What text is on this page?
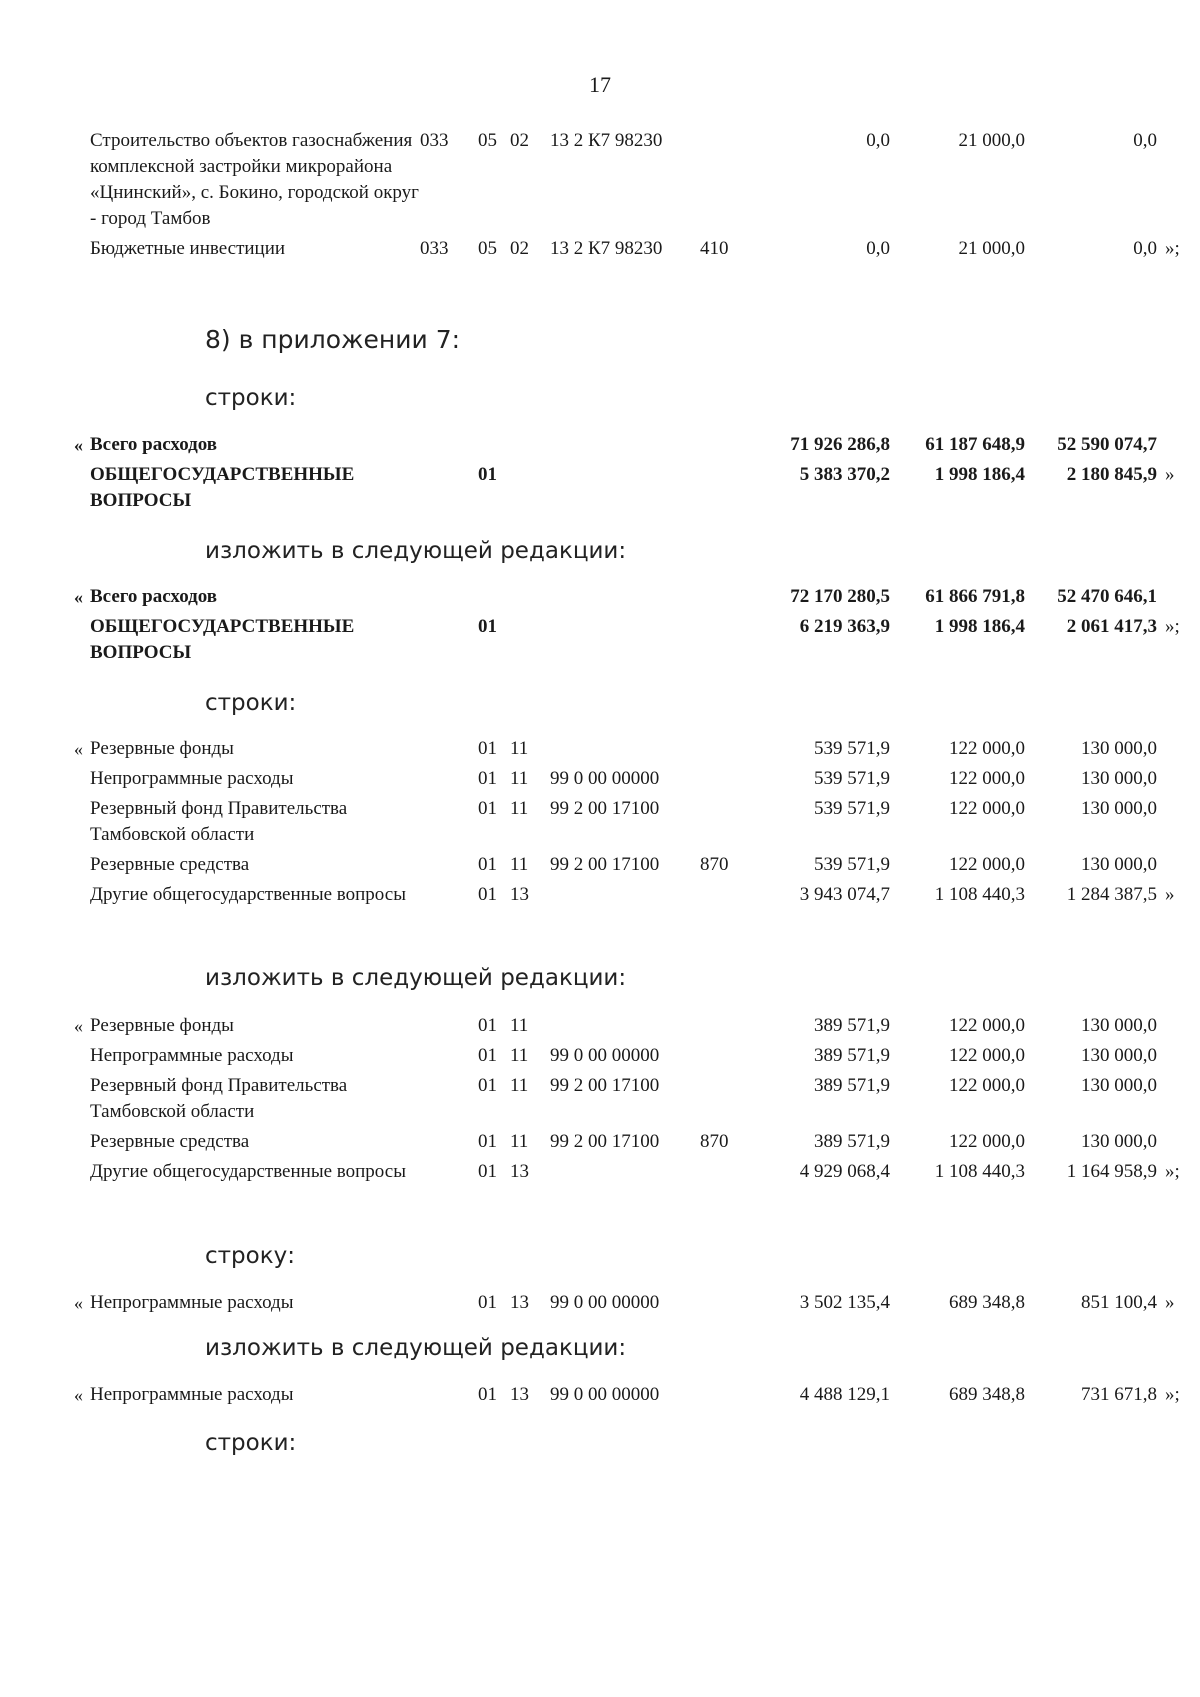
17
	Строительство объектов газоснабжения комплексной застройки микрорайона «Цнинский», с. Бокино, городской округ - город Тамбов	033	05	02	13 2 К7 98230		0,0	21 000,0	0,0	
	Бюджетные инвестиции	033	05	02	13 2 К7 98230	410	0,0	21 000,0	0,0	»;
8) в приложении 7:
строки:
«	Всего расходов						71 926 286,8	61 187 648,9	52 590 074,7	
	ОБЩЕГОСУДАРСТВЕННЫЕ ВОПРОСЫ		01				5 383 370,2	1 998 186,4	2 180 845,9	»
изложить в следующей редакции:
«	Всего расходов						72 170 280,5	61 866 791,8	52 470 646,1	
	ОБЩЕГОСУДАРСТВЕННЫЕ ВОПРОСЫ		01				6 219 363,9	1 998 186,4	2 061 417,3	»;
строки:
«	Резервные фонды		01	11			539 571,9	122 000,0	130 000,0	
	Непрограммные расходы		01	11	99 0 00 00000		539 571,9	122 000,0	130 000,0	
	Резервный фонд Правительства Тамбовской области		01	11	99 2 00 17100		539 571,9	122 000,0	130 000,0	
	Резервные средства		01	11	99 2 00 17100	870	539 571,9	122 000,0	130 000,0	
	Другие общегосударственные вопросы		01	13			3 943 074,7	1 108 440,3	1 284 387,5	»
изложить в следующей редакции:
«	Резервные фонды		01	11			389 571,9	122 000,0	130 000,0	
	Непрограммные расходы		01	11	99 0 00 00000		389 571,9	122 000,0	130 000,0	
	Резервный фонд Правительства Тамбовской области		01	11	99 2 00 17100		389 571,9	122 000,0	130 000,0	
	Резервные средства		01	11	99 2 00 17100	870	389 571,9	122 000,0	130 000,0	
	Другие общегосударственные вопросы		01	13			4 929 068,4	1 108 440,3	1 164 958,9	»;
строку:
«	Непрограммные расходы		01	13	99 0 00 00000		3 502 135,4	689 348,8	851 100,4	»
изложить в следующей редакции:
«	Непрограммные расходы		01	13	99 0 00 00000		4 488 129,1	689 348,8	731 671,8	»;
строки:
